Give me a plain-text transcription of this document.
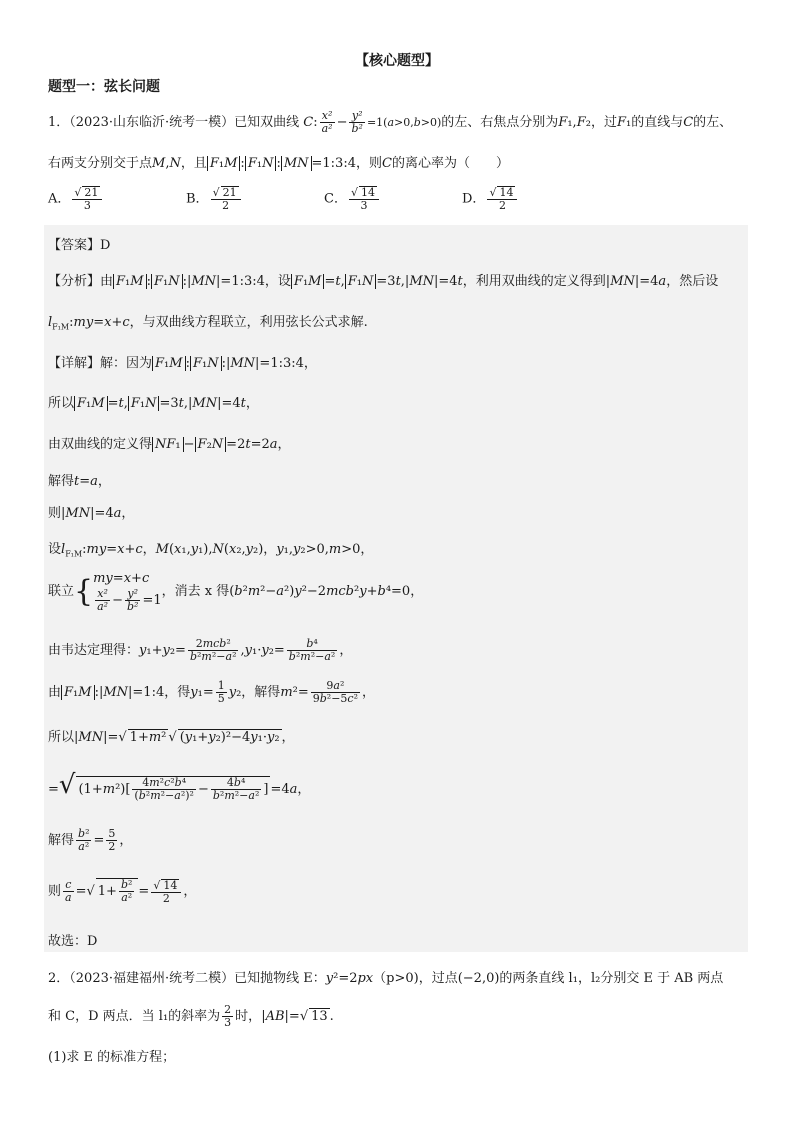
【核心题型】
题型一：弦长问题
1．（2023·山东临沂·统考一模）已知双曲线 C: $\frac{\text{x²}}{\text{a²}} - \frac{\text{y²}}{\text{b²}} =1(a>0,b>0)$的左、右焦点分别为F₁,F₂，过F₁的直线与C的左、
右两支分别交于点M,N，且 F₁M : F₁N : MN =1:3:4，则C的离心率为（　　）
A． √ $\frac{21}{3}$	B． √ $\frac{21}{2}$	C． √ $\frac{14}{3}$	D． √ $\frac{14}{2}$
【答案】D
【分析】由 F₁M : F₁N :|MN|=1:3:4，设 F₁M =t, F₁N =3t,|MN|=4t，利用双曲线的定义得到|MN|=4a，然后设
$l_{F_1M}:my=x+c$，与双曲线方程联立，利用弦长公式求解.
【详解】解：因为 F₁M : F₁N :|MN|=1:3:4，
所以 F₁M =t, F₁N =3t,|MN|=4t，
由双曲线的定义得 NF₁ − F₂N =2t=2a，
解得t=a，
则|MN|=4a，
设$l_{F_1M}:my=x+c$，M(x₁,y₁),N(x₂,y₂)，y₁,y₂>0,m>0，
联立{my=x+c

$\frac{\text{x²}}{\text{a²}} - \frac{\text{y²}}{\text{b²}} =1$，消去 x 得(b²m²−a²)y²−2mcb²y+b⁴=0，
由韦达定理得：$y_1+y_2= \frac{\text{2mcb²}}{\text{b²m²−a²}} ,y_1\cdot y_2= \frac{\text{b⁴}}{\text{b²m²−a²}}$ ，
由 F₁M :|MN|=1:4，得$y_1= \frac{1}{5} y_2$，解得$m^2= \frac{\text{9a²}}{\text{9b²−5c²}}$ ，
所以|MN|= √ 1+m² √ (y₁+y₂)²−4y₁·y₂ ，
= √ $(1+m^2)[ \frac{\text{4m²c²b⁴}}{\text{(b²m²−a²)²}} - \frac{\text{4b⁴}}{\text{b²m²−a²}}$ ] =4a，
解得 $\frac{\text{b²}}{\text{a²}} = \frac{5}{2}$ ，
则 $\frac{c}{a}$ = √ $1+ \frac{\text{b²}}{\text{a²}}$ = √ $\frac{14}{2}$ ，
故选：D
2．（2023·福建福州·统考二模）已知抛物线 E：y²=2px（p>0)，过点(−2,0)的两条直线 l₁，l₂分别交 E 于 AB 两点
和 C，D 两点．当 l₁的斜率为 $\frac{2}{3}$ 时，|AB|= √ 13 .
(1)求 E 的标准方程；
